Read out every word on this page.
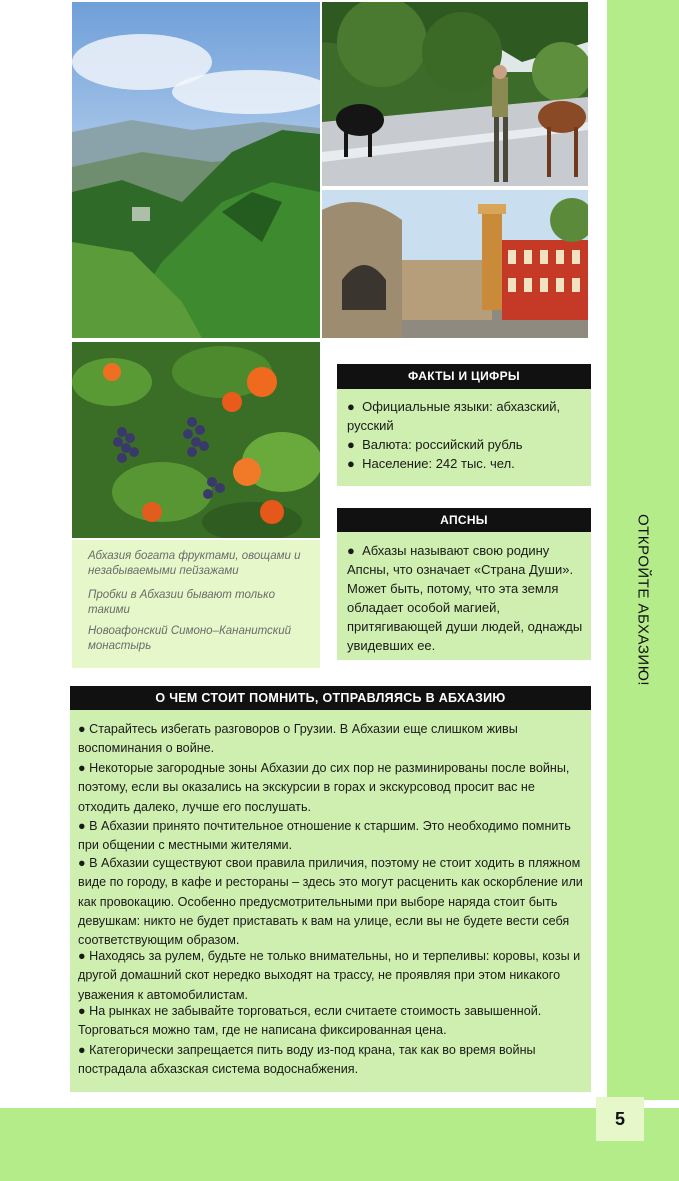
ОТКРОЙТЕ АБХАЗИЮ!
5
Абхазия богата фруктами, овощами и незабываемыми пейзажами
Пробки в Абхазии бывают только такими
Новоафонский Симоно–Кананитский монастырь
ФАКТЫ И ЦИФРЫ
●  Официальные языки: абхазский, русский
●  Валюта: российский рубль
●  Население: 242 тыс. чел.
АПСНЫ
●  Абхазы называют свою родину Апсны, что означает «Страна Души». Может быть, потому, что эта земля обладает особой магией, притягивающей души людей, однажды увидевших ее.
О ЧЕМ СТОИТ ПОМНИТЬ, ОТПРАВЛЯЯСЬ В АБХАЗИЮ
● Старайтесь избегать разговоров о Грузии. В Абхазии еще слишком живы воспоминания о войне.
● Некоторые загородные зоны Абхазии до сих пор не разминированы после войны, поэтому, если вы оказались на экскурсии в горах и экскурсовод просит вас не отходить далеко, лучше его послушать.
● В Абхазии принято почтительное отношение к старшим. Это необходимо помнить при общении с местными жителями.
● В Абхазии существуют свои правила приличия, поэтому не стоит ходить в пляжном виде по городу, в кафе и рестораны – здесь это могут расценить как оскорбление или как провокацию. Особенно предусмотрительными при выборе наряда стоит быть девушкам: никто не будет приставать к вам на улице, если вы не будете вести себя соответствующим образом.
● Находясь за рулем, будьте не только внимательны, но и терпеливы: коровы, козы и другой домашний скот нередко выходят на трассу, не проявляя при этом никакого уважения к автомобилистам.
● На рынках не забывайте торговаться, если считаете стоимость завышенной. Торговаться можно там, где не написана фиксированная цена.
● Категорически запрещается пить воду из-под крана, так как во время войны пострадала абхазская система водоснабжения.
